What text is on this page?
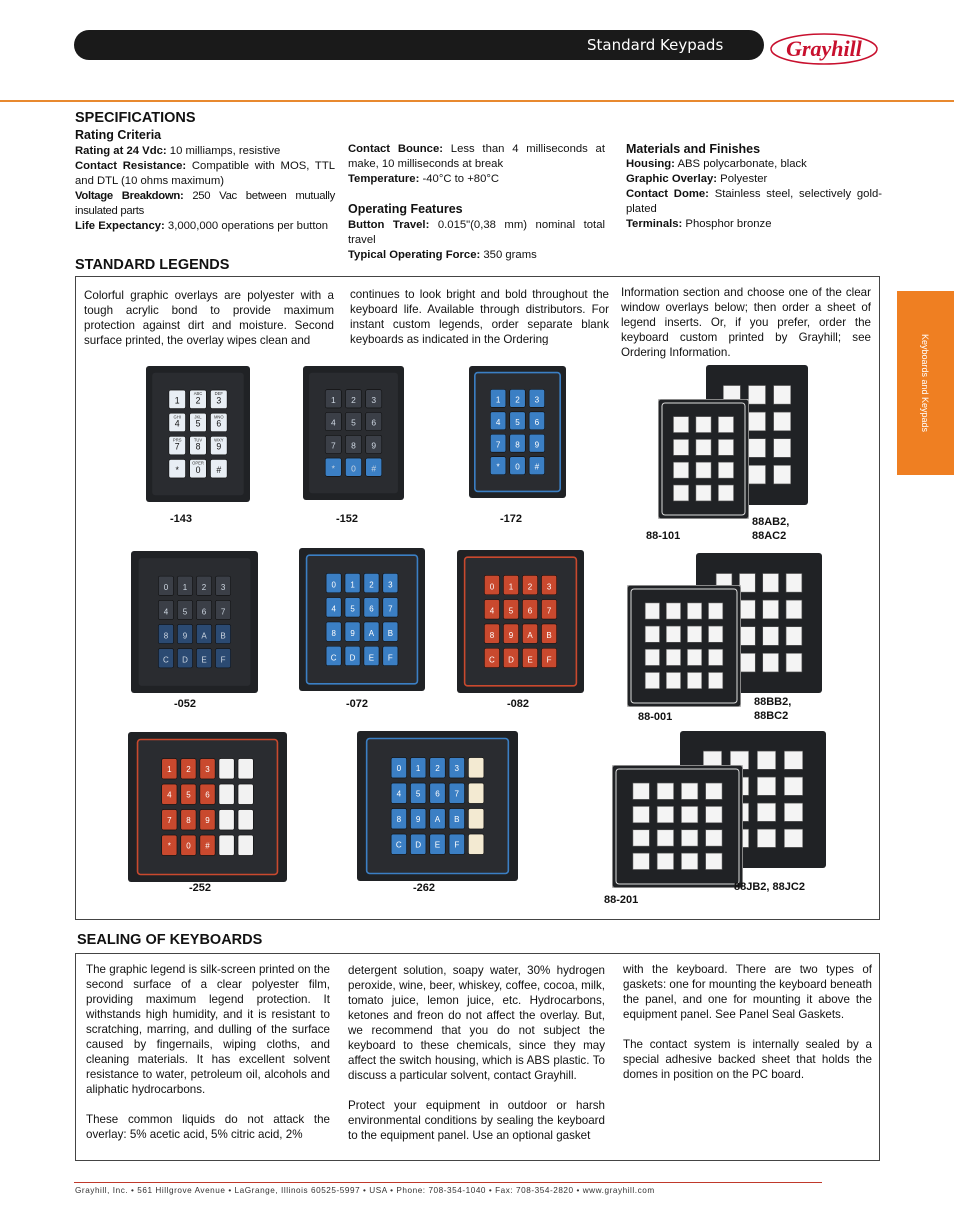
Standard Keypads	Grayhill
Keyboards and Keypads
SPECIFICATIONS
Rating Criteria

Rating at 24 Vdc: 10 milliamps, resistive

Contact Resistance: Compatible with MOS, TTL and DTL (10 ohms maximum)

Voltage Breakdown: 250 Vac between mutually insulated parts

Life Expectancy: 3,000,000 operations per button

Contact Bounce: Less than 4 milliseconds at make, 10 milliseconds at break

Temperature: -40°C to +80°C

Operating Features

Button Travel: 0.015"(0,38 mm) nominal total travel

Typical Operating Force: 350 grams

Materials and Finishes

Housing: ABS polycarbonate, black

Graphic Overlay: Polyester

Contact Dome: Stainless steel, selectively gold- plated

Terminals: Phosphor bronze

STANDARD LEGENDS
Colorful graphic overlays are polyester with a tough acrylic bond to provide maximum protection against dirt and moisture. Second surface printed, the overlay wipes clean and
continues to look bright and bold throughout the keyboard life. Available through distributors. For instant custom legends, order separate blank keyboards as indicated in the Ordering
Information section and choose one of the clear window overlays below; then order a sheet of legend inserts. Or, if you prefer, order the keyboard custom printed by Grayhill; see Ordering Information.
1 2 3
4 5 6
7 8 9
* 0 #
ABC	DEF
GHI	JKL	MNO
PRS	TUV	WXY
OPER
1 2 3
4 5 6
7 8 9
* 0 #
1 2 3
4 5 6
7 8 9
* 0 #
0 1 2 3
4 5 6 7
8 9 A B
C D E F
0 1 2 3
4 5 6 7
8 9 A B
C D E F
0 1 2 3
4 5 6 7
8 9 A B
C D E F
1 2 3
4 5 6
7 8 9
* 0 #
0 1 2 3
4 5 6 7
8 9 A B
C D E F
-143	-152	-172
88-101
88AB2,
88AC2
-052	-072	-082
88-001
88BB2,
88BC2
-252	-262
88-201
88JB2, 88JC2
SEALING OF KEYBOARDS

The graphic legend is silk-screen printed on the second surface of a clear polyester film, providing maximum legend protection. It withstands high humidity, and it is resistant to scratching, marring, and dulling of the surface caused by fingernails, wiping cloths, and cleaning materials. It has excellent solvent resistance to water, petroleum oil, alcohols and aliphatic hydrocarbons.

These common liquids do not attack the overlay: 5% acetic acid, 5% citric acid, 2%

detergent solution, soapy water, 30% hydrogen peroxide, wine, beer, whiskey, coffee, cocoa, milk, tomato juice, lemon juice, etc. Hydrocarbons, ketones and freon do not affect the overlay. But, we recommend that you do not subject the keyboard to these chemicals, since they may affect the switch housing, which is ABS plastic. To discuss a particular solvent, contact Grayhill.

Protect your equipment in outdoor or harsh environmental conditions by sealing the keyboard to the equipment panel. Use an optional gasket

with the keyboard. There are two types of gaskets: one for mounting the keyboard beneath the panel, and one for mounting it above the equipment panel. See Panel Seal Gaskets.

The contact system is internally sealed by a special adhesive backed sheet that holds the domes in position on the PC board.

Grayhill, Inc. • 561 Hillgrove Avenue • LaGrange, Illinois 60525-5997 • USA • Phone: 708-354-1040 • Fax: 708-354-2820 • www.grayhill.com
